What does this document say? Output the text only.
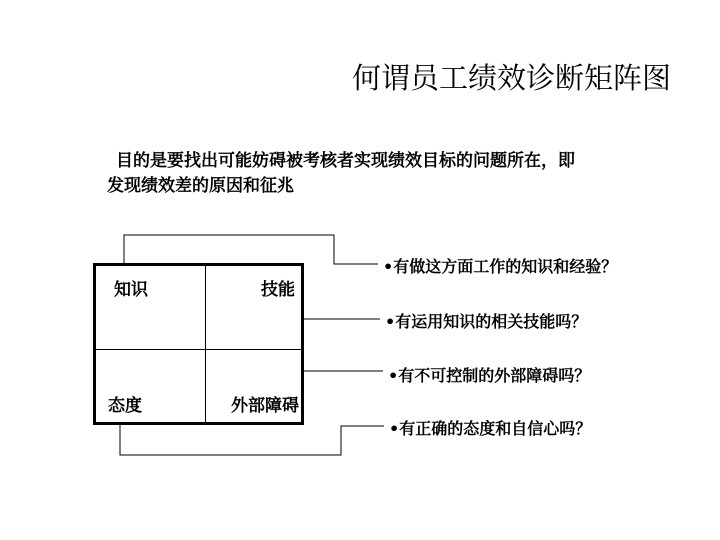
何谓员工绩效诊断矩阵图
目的是要找出可能妨碍被考核者实现绩效目标的问题所在，即
发现绩效差的原因和征兆
知识	技能
态度	外部障碍
•有做这方面工作的知识和经验？
•有运用知识的相关技能吗？
•有不可控制的外部障碍吗？
•有正确的态度和自信心吗？
